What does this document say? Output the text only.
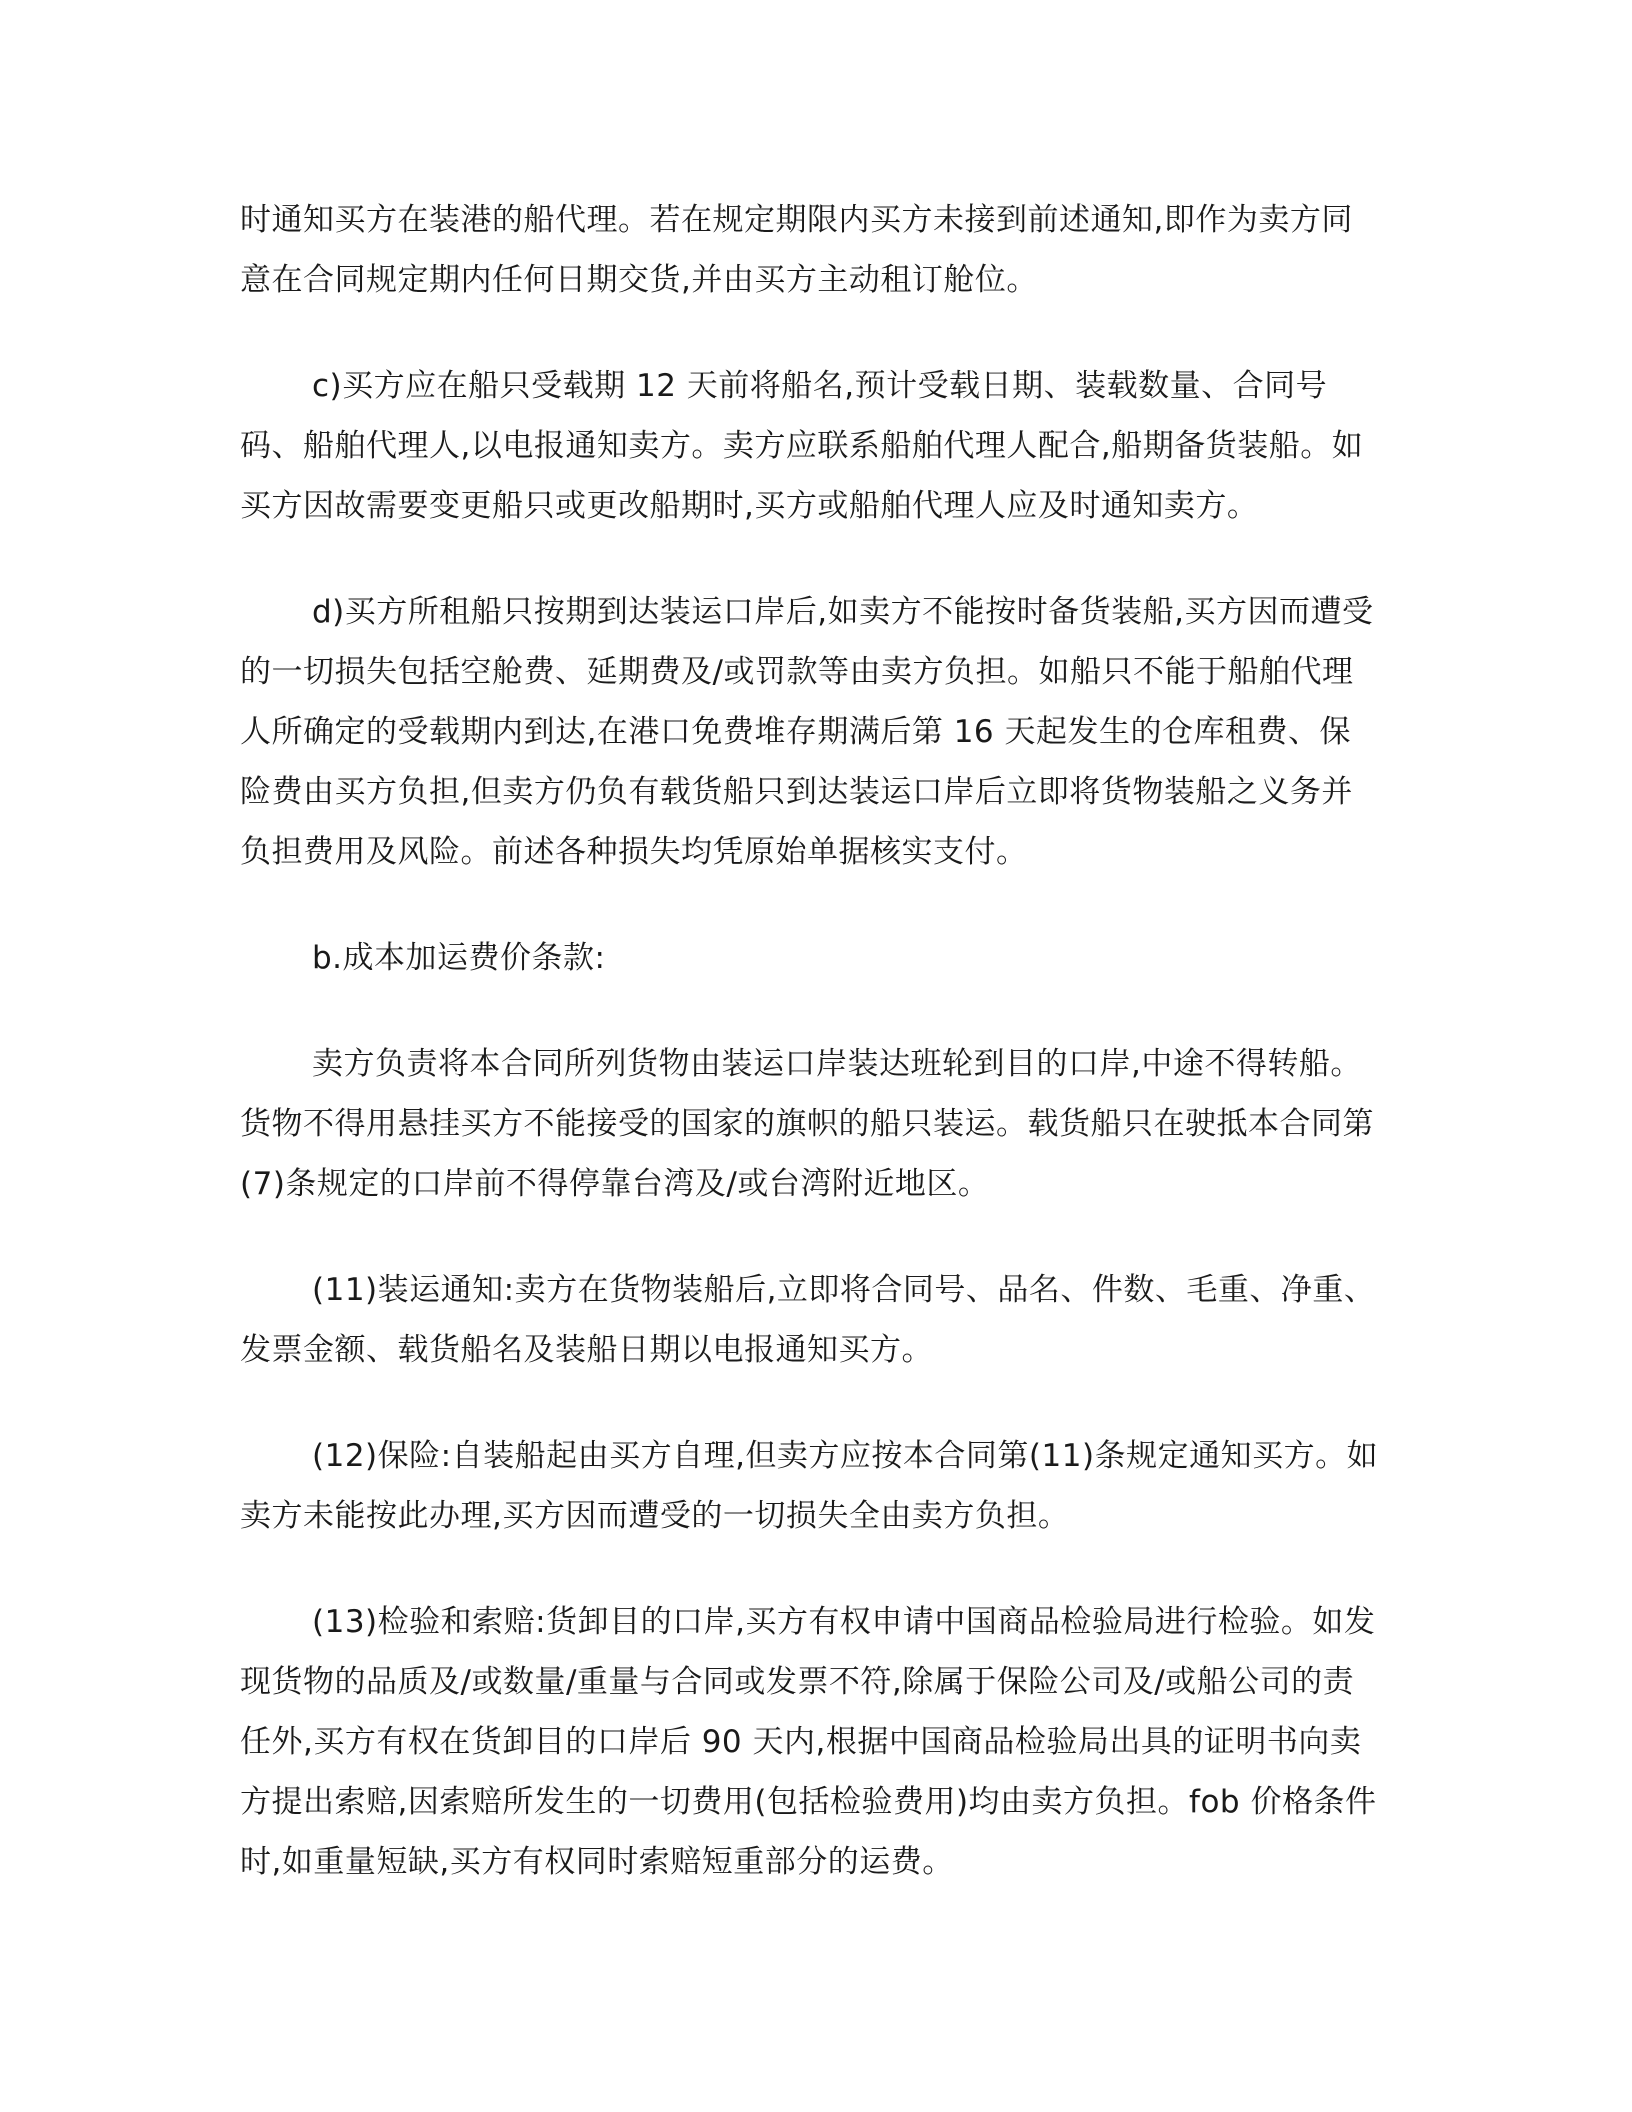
时通知买方在装港的船代理。若在规定期限内买方未接到前述通知,即作为卖方同意在合同规定期内任何日期交货,并由买方主动租订舱位。

c)买方应在船只受载期 12 天前将船名,预计受载日期、装载数量、合同号码、船舶代理人,以电报通知卖方。卖方应联系船舶代理人配合,船期备货装船。如买方因故需要变更船只或更改船期时,买方或船舶代理人应及时通知卖方。

d)买方所租船只按期到达装运口岸后,如卖方不能按时备货装船,买方因而遭受的一切损失包括空舱费、延期费及/或罚款等由卖方负担。如船只不能于船舶代理人所确定的受载期内到达,在港口免费堆存期满后第 16 天起发生的仓库租费、保险费由买方负担,但卖方仍负有载货船只到达装运口岸后立即将货物装船之义务并负担费用及风险。前述各种损失均凭原始单据核实支付。

b.成本加运费价条款:

卖方负责将本合同所列货物由装运口岸装达班轮到目的口岸,中途不得转船。货物不得用悬挂买方不能接受的国家的旗帜的船只装运。载货船只在驶抵本合同第(7)条规定的口岸前不得停靠台湾及/或台湾附近地区。

(11)装运通知:卖方在货物装船后,立即将合同号、品名、件数、毛重、净重、发票金额、载货船名及装船日期以电报通知买方。

(12)保险:自装船起由买方自理,但卖方应按本合同第(11)条规定通知买方。如卖方未能按此办理,买方因而遭受的一切损失全由卖方负担。

(13)检验和索赔:货卸目的口岸,买方有权申请中国商品检验局进行检验。如发现货物的品质及/或数量/重量与合同或发票不符,除属于保险公司及/或船公司的责任外,买方有权在货卸目的口岸后 90 天内,根据中国商品检验局出具的证明书向卖方提出索赔,因索赔所发生的一切费用(包括检验费用)均由卖方负担。fob 价格条件时,如重量短缺,买方有权同时索赔短重部分的运费。
